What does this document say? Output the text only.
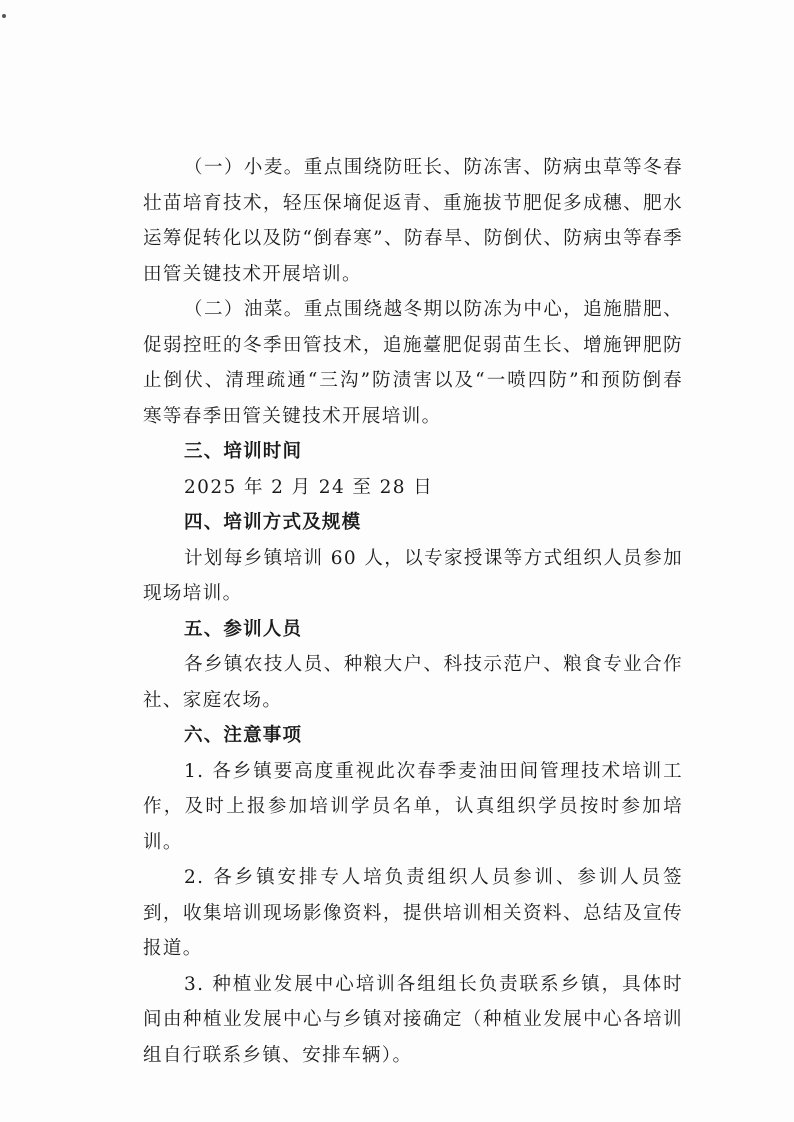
（一）小麦。重点围绕防旺长、防冻害、防病虫草等冬春壮苗培育技术，轻压保墒促返青、重施拔节肥促多成穗、肥水运筹促转化以及防“倒春寒”、防春旱、防倒伏、防病虫等春季 田管关键技术开展培训。

（二）油菜。重点围绕越冬期以防冻为中心，追施腊肥、 促弱控旺的冬季田管技术，追施薹肥促弱苗生长、增施钾肥防止倒伏、清理疏通“三沟”防渍害以及“一喷四防”和预防倒春寒等春季田管关键技术开展培训。

三、培训时间

2025 年 2 月 24 至 28 日

四、培训方式及规模

计划每乡镇培训 60 人，以专家授课等方式组织人员参加现场培训。

五、参训人员

各乡镇农技人员、种粮大户、科技示范户、粮食专业合作社、家庭农场。

六、注意事项

1. 各乡镇要高度重视此次春季麦油田间管理技术培训工作，及时上报参加培训学员名单，认真组织学员按时参加培训。

2. 各乡镇安排专人培负责组织人员参训、参训人员签到，收集培训现场影像资料，提供培训相关资料、总结及宣传报道。

3. 种植业发展中心培训各组组长负责联系乡镇，具体时间由种植业发展中心与乡镇对接确定（种植业发展中心各培训组自行联系乡镇、安排车辆）。
